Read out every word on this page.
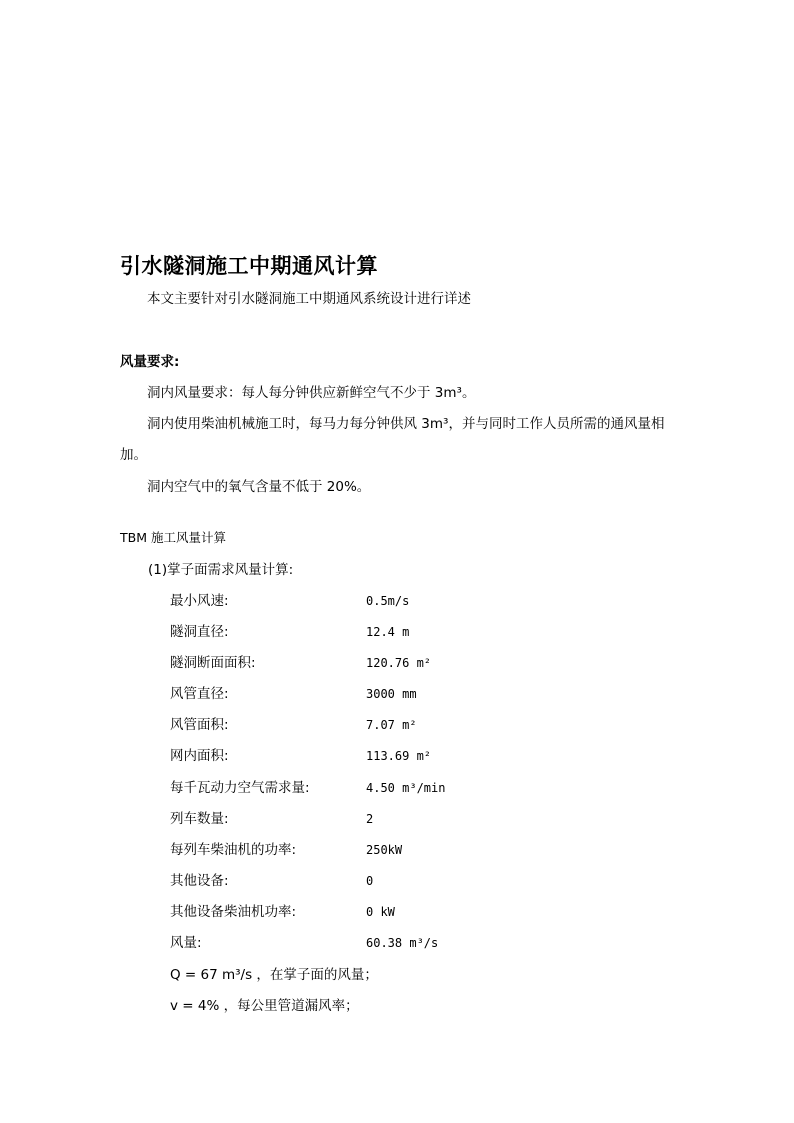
引水隧洞施工中期通风计算
本文主要针对引水隧洞施工中期通风系统设计进行详述
风量要求:
洞内风量要求：每人每分钟供应新鲜空气不少于 3m³。
洞内使用柴油机械施工时，每马力每分钟供风 3m³，并与同时工作人员所需的通风量相
加。
洞内空气中的氧气含量不低于 20%。
TBM 施工风量计算
(1)掌子面需求风量计算:
最小风速:	0.5m/s
隧洞直径:	12.4 m
隧洞断面面积:	120.76 m²
风管直径:	3000 mm
风管面积:	7.07 m²
网内面积:	113.69 m²
每千瓦动力空气需求量:	4.50 m³/min
列车数量:	2
每列车柴油机的功率:	250kW
其他设备:	0
其他设备柴油机功率:	0 kW
风量:	60.38 m³/s
Q = 67 m³/s ，在掌子面的风量；
v = 4% ，每公里管道漏风率；
